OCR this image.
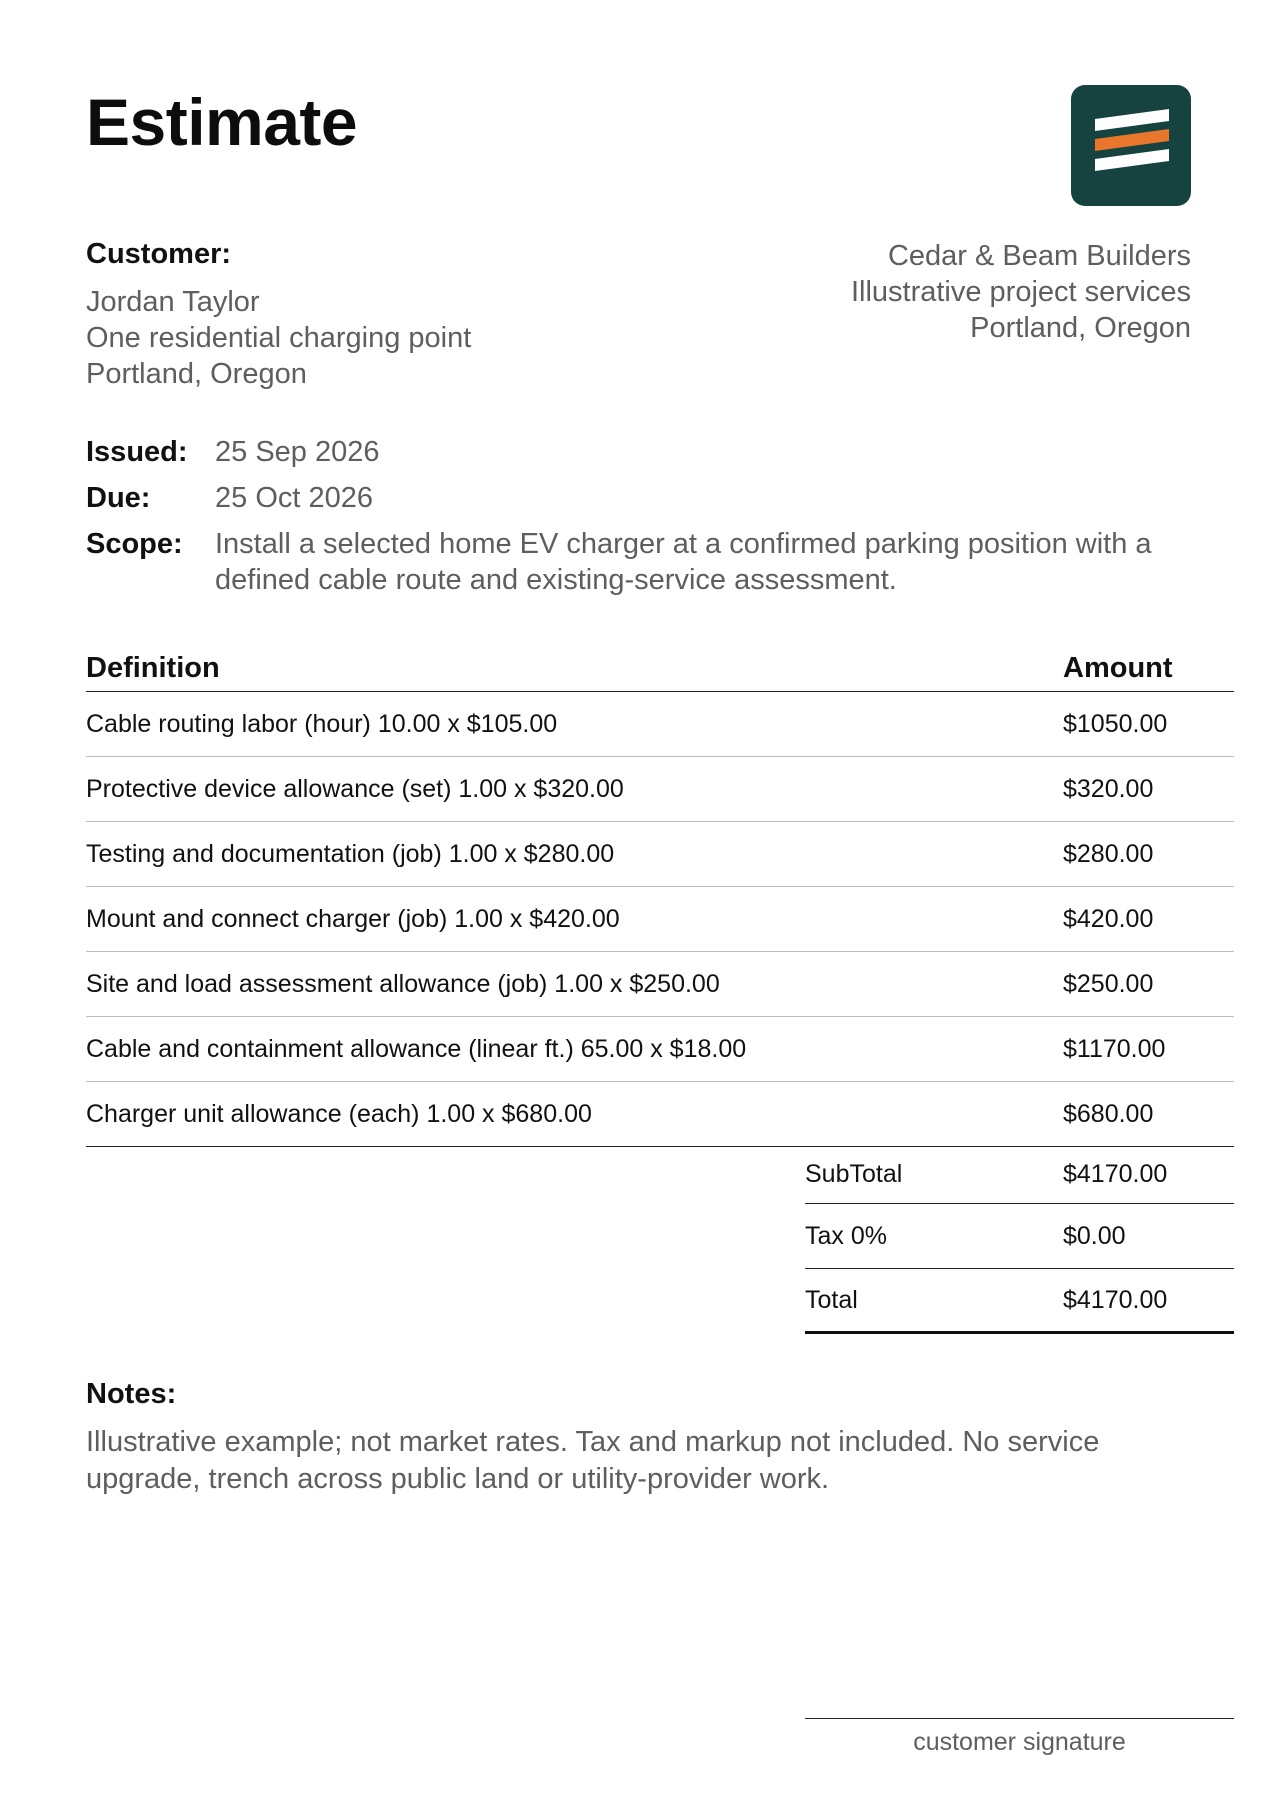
Estimate
Customer:
Jordan Taylor
One residential charging point
Portland, Oregon
Cedar & Beam Builders
Illustrative project services
Portland, Oregon
Issued: 25 Sep 2026
Due:	25 Oct 2026
Scope:	Install a selected home EV charger at a confirmed parking position with a defined cable route and existing-service assessment.
Definition	Amount
Cable routing labor (hour) 10.00 x $105.00	$1050.00
Protective device allowance (set) 1.00 x $320.00	$320.00
Testing and documentation (job) 1.00 x $280.00	$280.00
Mount and connect charger (job) 1.00 x $420.00	$420.00
Site and load assessment allowance (job) 1.00 x $250.00	$250.00
Cable and containment allowance (linear ft.) 65.00 x $18.00	$1170.00
Charger unit allowance (each) 1.00 x $680.00	$680.00
SubTotal	$4170.00
Tax 0%	$0.00
Total	$4170.00
Notes:
Illustrative example; not market rates. Tax and markup not included. No service upgrade, trench across public land or utility-provider work.
customer signature
